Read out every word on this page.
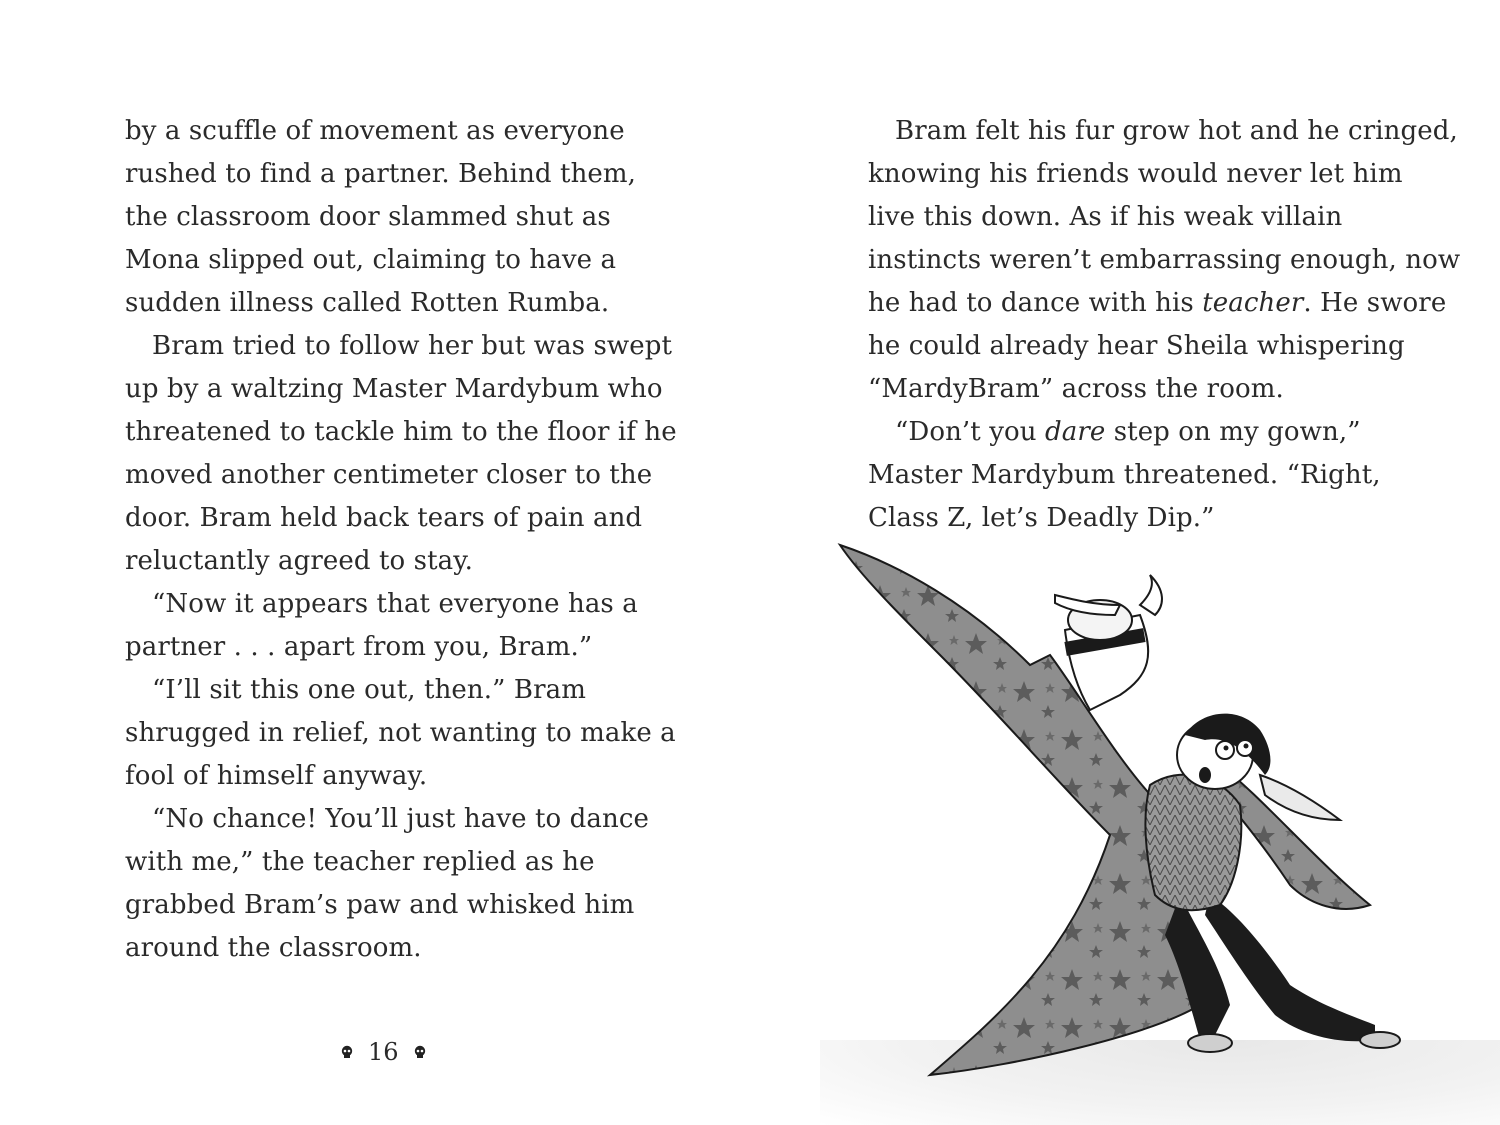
by a scuffle of movement as everyone
rushed to find a partner. Behind them,
the classroom door slammed shut as
Mona slipped out, claiming to have a
sudden illness called Rotten Rumba.
Bram tried to follow her but was swept
up by a waltzing Master Mardybum who
threatened to tackle him to the floor if he
moved another centimeter closer to the
door. Bram held back tears of pain and
reluctantly agreed to stay.
“Now it appears that everyone has a
partner . . . apart from you, Bram.”
“I’ll sit this one out, then.” Bram
shrugged in relief, not wanting to make a
fool of himself anyway.
“No chance! You’ll just have to dance
with me,” the teacher replied as he
grabbed Bram’s paw and whisked him
around the classroom.
16
Bram felt his fur grow hot and he cringed,
knowing his friends would never let him
live this down. As if his weak villain
instincts weren’t embarrassing enough, now
he had to dance with his teacher. He swore
he could already hear Sheila whispering
“MardyBram” across the room.
“Don’t you dare step on my gown,”
Master Mardybum threatened. “Right,
Class Z, let’s Deadly Dip.”
